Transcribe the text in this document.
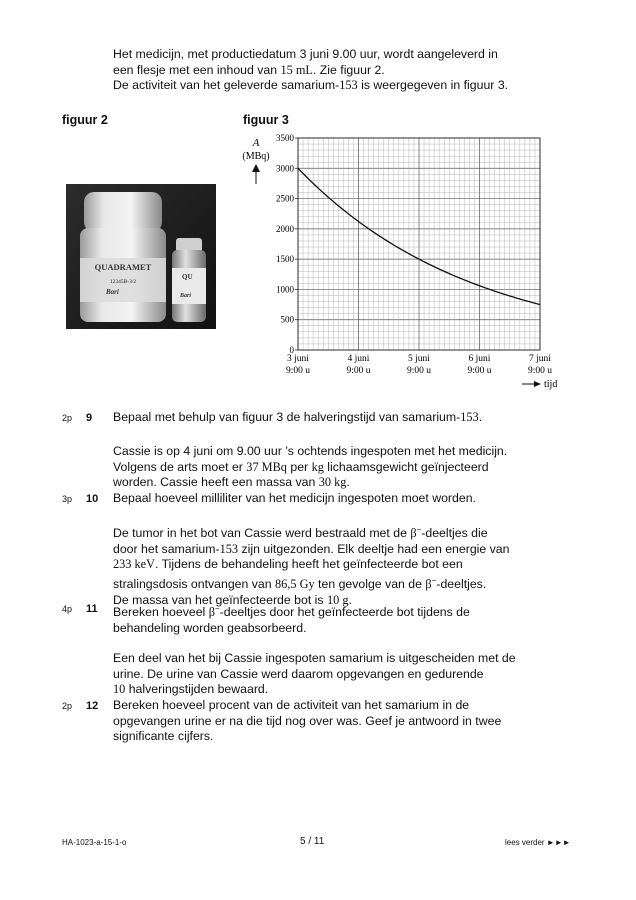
Het medicijn, met productiedatum 3 juni 9.00 uur, wordt aangeleverd in
een flesje met een inhoud van 15 mL. Zie figuur 2.
De activiteit van het geleverde samarium-153 is weergegeven in figuur 3.
figuur 2	figuur 3
QUADRAMET
12345B-3/2
Bari
QU
Bari
0
500
1000
1500
2000
2500
3000
3500
3 juni
9:00 u
4 juni
9:00 u
5 juni
9:00 u
6 juni
9:00 u
7 juni
9:00 u
A
(MBq)
tijd
2p 9 Bepaal met behulp van figuur 3 de halveringstijd van samarium-153.
Cassie is op 4 juni om 9.00 uur ’s ochtends ingespoten met het medicijn.
Volgens de arts moet er 37 MBq per kg lichaamsgewicht geïnjecteerd
worden. Cassie heeft een massa van 30 kg.
3p 10 Bepaal hoeveel milliliter van het medicijn ingespoten moet worden.
De tumor in het bot van Cassie werd bestraald met de β−-deeltjes die
door het samarium-153 zijn uitgezonden. Elk deeltje had een energie van
233 keV. Tijdens de behandeling heeft het geïnfecteerde bot een
stralingsdosis ontvangen van 86,5 Gy ten gevolge van de β−-deeltjes.
De massa van het geïnfecteerde bot is 10 g.
4p 11 Bereken hoeveel β−-deeltjes door het geïnfecteerde bot tijdens de
behandeling worden geabsorbeerd.
Een deel van het bij Cassie ingespoten samarium is uitgescheiden met de
urine. De urine van Cassie werd daarom opgevangen en gedurende
10 halveringstijden bewaard.
2p 12 Bereken hoeveel procent van de activiteit van het samarium in de
opgevangen urine er na die tijd nog over was. Geef je antwoord in twee
significante cijfers.
HA-1023-a-15-1-o	5 / 11	lees verder ►►►
